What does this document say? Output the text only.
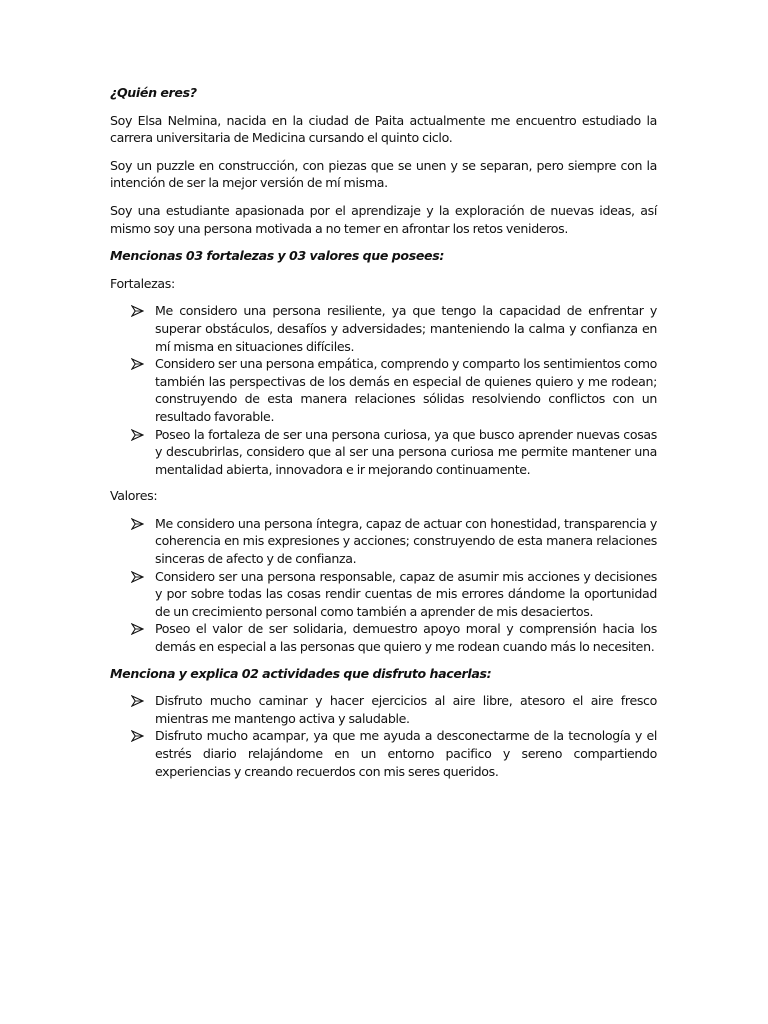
¿Quién eres?

Soy Elsa Nelmina, nacida en la ciudad de Paita actualmente me encuentro estudiado la carrera universitaria de Medicina cursando el quinto ciclo.

Soy un puzzle en construcción, con piezas que se unen y se separan, pero siempre con la intención de ser la mejor versión de mí misma.

Soy una estudiante apasionada por el aprendizaje y la exploración de nuevas ideas, así mismo soy una persona motivada a no temer en afrontar los retos venideros.

Mencionas 03 fortalezas y 03 valores que posees:

Fortalezas:

Me considero una persona resiliente, ya que tengo la capacidad de enfrentar y superar obstáculos, desafíos y adversidades; manteniendo la calma y confianza en mí misma en situaciones difíciles.
Considero ser una persona empática, comprendo y comparto los sentimientos como también las perspectivas de los demás en especial de quienes quiero y me rodean; construyendo de esta manera relaciones sólidas resolviendo conflictos con un resultado favorable.
Poseo la fortaleza de ser una persona curiosa, ya que busco aprender nuevas cosas y descubrirlas, considero que al ser una persona curiosa me permite mantener una mentalidad abierta, innovadora e ir mejorando continuamente.

Valores:

Me considero una persona íntegra, capaz de actuar con honestidad, transparencia y coherencia en mis expresiones y acciones; construyendo de esta manera relaciones sinceras de afecto y de confianza.
Considero ser una persona responsable, capaz de asumir mis acciones y decisiones y por sobre todas las cosas rendir cuentas de mis errores dándome la oportunidad de un crecimiento personal como también a aprender de mis desaciertos.
Poseo el valor de ser solidaria, demuestro apoyo moral y comprensión hacia los demás en especial a las personas que quiero y me rodean cuando más lo necesiten.

Menciona y explica 02 actividades que disfruto hacerlas:

Disfruto mucho caminar y hacer ejercicios al aire libre, atesoro el aire fresco mientras me mantengo activa y saludable.
Disfruto mucho acampar, ya que me ayuda a desconectarme de la tecnología y el estrés diario relajándome en un entorno pacifico y sereno compartiendo experiencias y creando recuerdos con mis seres queridos.
